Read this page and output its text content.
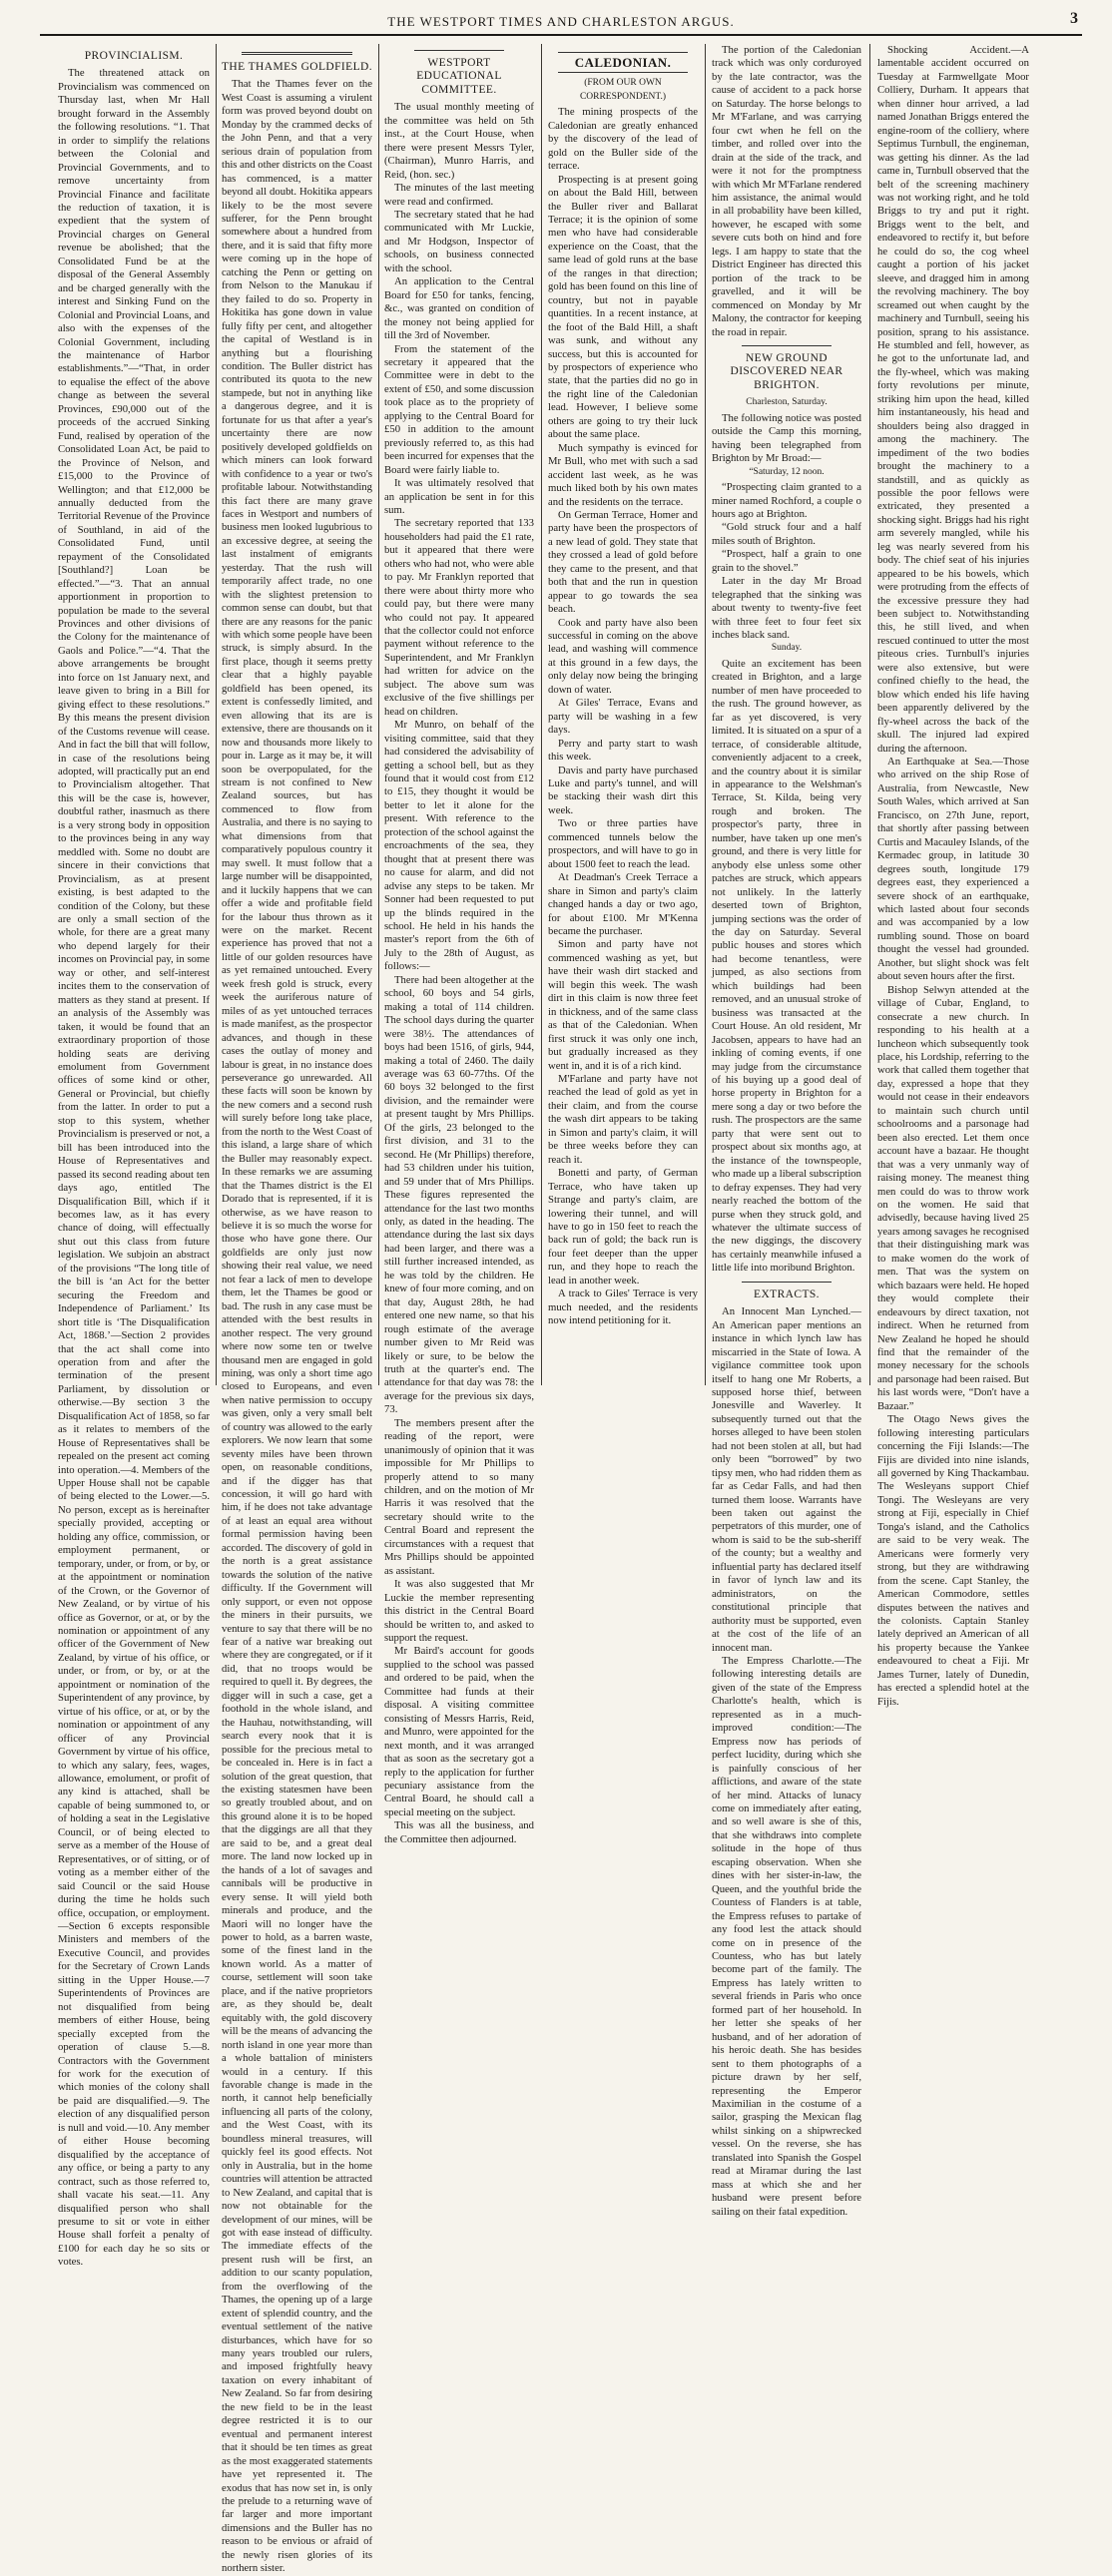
THE WESTPORT TIMES AND CHARLESTON ARGUS.	3
PROVINCIALISM.

The threatened attack on Provincialism was commenced on Thursday last, when Mr Hall brought forward in the Assembly the following resolutions. “1. That in order to simplify the relations between the Colonial and Provincial Governments, and to remove uncertainty from Provincial Finance and facilitate the reduction of taxation, it is expedient that the system of Provincial charges on General revenue be abolished; that the Consolidated Fund be at the disposal of the General Assembly and be charged generally with the interest and Sinking Fund on the Colonial and Provincial Loans, and also with the expenses of the Colonial Government, including the maintenance of Harbor establishments.”—“That, in order to equalise the effect of the above change as between the several Provinces, £90,000 out of the proceeds of the accrued Sinking Fund, realised by operation of the Consolidated Loan Act, be paid to the Province of Nelson, and £15,000 to the Province of Wellington; and that £12,000 be annually deducted from the Territorial Revenue of the Province of Southland, in aid of the Consolidated Fund, until repayment of the Consolidated [Southland?] Loan be effected.”—“3. That an annual apportionment in proportion to population be made to the several Provinces and other divisions of the Colony for the maintenance of Gaols and Police.”—“4. That the above arrangements be brought into force on 1st January next, and leave given to bring in a Bill for giving effect to these resolutions.” By this means the present division of the Customs revenue will cease. And in fact the bill that will follow, in case of the resolutions being adopted, will practically put an end to Provincialism altogether. That this will be the case is, however, doubtful rather, inasmuch as there is a very strong body in opposition to the provinces being in any way meddled with. Some no doubt are sincere in their convictions that Provincialism, as at present existing, is best adapted to the condition of the Colony, but these are only a small section of the whole, for there are a great many who depend largely for their incomes on Provincial pay, in some way or other, and self-interest incites them to the conservation of matters as they stand at present. If an analysis of the Assembly was taken, it would be found that an extraordinary proportion of those holding seats are deriving emolument from Government offices of some kind or other, General or Provincial, but chiefly from the latter. In order to put a stop to this system, whether Provincialism is preserved or not, a bill has been introduced into the House of Representatives and passed its second reading about ten days ago, entitled The Disqualification Bill, which if it becomes law, as it has every chance of doing, will effectually shut out this class from future legislation. We subjoin an abstract of the provisions “The long title of the bill is ‘an Act for the better securing the Freedom and Independence of Parliament.’ Its short title is ‘The Disqualification Act, 1868.’—Section 2 provides that the act shall come into operation from and after the termination of the present Parliament, by dissolution or otherwise.—By section 3 the Disqualification Act of 1858, so far as it relates to members of the House of Representatives shall be repealed on the present act coming into operation.—4. Members of the Upper House shall not be capable of being elected to the Lower.—5. No person, except as is hereinafter specially provided, accepting or holding any office, commission, or employment permanent, or temporary, under, or from, or by, or at the appointment or nomination of the Crown, or the Governor of New Zealand, or by virtue of his office as Governor, or at, or by the nomination or appointment of any officer of the Government of New Zealand, by virtue of his office, or under, or from, or by, or at the appointment or nomination of the Superintendent of any province, by virtue of his office, or at, or by the nomination or appointment of any officer of any Provincial Government by virtue of his office, to which any salary, fees, wages, allowance, emolument, or profit of any kind is attached, shall be capable of being summoned to, or of holding a seat in the Legislative Council, or of being elected to serve as a member of the House of Representatives, or of sitting, or of voting as a member either of the said Council or the said House during the time he holds such office, occupation, or employment.—Section 6 excepts responsible Ministers and members of the Executive Council, and provides for the Secretary of Crown Lands sitting in the Upper House.—7 Superintendents of Provinces are not disqualified from being members of either House, being specially excepted from the operation of clause 5.—8. Contractors with the Government for work for the execution of which monies of the colony shall be paid are disqualified.—9. The election of any disqualified person is null and void.—10. Any member of either House becoming disqualified by the acceptance of any office, or being a party to any contract, such as those referred to, shall vacate his seat.—11. Any disqualified person who shall presume to sit or vote in either House shall forfeit a penalty of £100 for each day he so sits or votes.

THE THAMES GOLDFIELD.

That the Thames fever on the West Coast is assuming a virulent form was proved beyond doubt on Monday by the crammed decks of the John Penn, and that a very serious drain of population from this and other districts on the Coast has commenced, is a matter beyond all doubt. Hokitika appears likely to be the most severe sufferer, for the Penn brought somewhere about a hundred from there, and it is said that fifty more were coming up in the hope of catching the Penn or getting on from Nelson to the Manukau if they failed to do so. Property in Hokitika has gone down in value fully fifty per cent, and altogether the capital of Westland is in anything but a flourishing condition. The Buller district has contributed its quota to the new stampede, but not in anything like a dangerous degree, and it is fortunate for us that after a year's uncertainty there are now positively developed goldfields on which miners can look forward with confidence to a year or two's profitable labour. Notwithstanding this fact there are many grave faces in Westport and numbers of business men looked lugubrious to an excessive degree, at seeing the last instalment of emigrants yesterday. That the rush will temporarily affect trade, no one with the slightest pretension to common sense can doubt, but that there are any reasons for the panic with which some people have been struck, is simply absurd. In the first place, though it seems pretty clear that a highly payable goldfield has been opened, its extent is confessedly limited, and even allowing that its are is extensive, there are thousands on it now and thousands more likely to pour in. Large as it may be, it will soon be overpopulated, for the stream is not confined to New Zealand sources, but has commenced to flow from Australia, and there is no saying to what dimensions from that comparatively populous country it may swell. It must follow that a large number will be disappointed, and it luckily happens that we can offer a wide and profitable field for the labour thus thrown as it were on the market. Recent experience has proved that not a little of our golden resources have as yet remained untouched. Every week fresh gold is struck, every week the auriferous nature of miles of as yet untouched terraces is made manifest, as the prospector advances, and though in these cases the outlay of money and labour is great, in no instance does perseverance go unrewarded. All these facts will soon be known by the new comers and a second rush will surely before long take place, from the north to the West Coast of this island, a large share of which the Buller may reasonably expect. In these remarks we are assuming that the Thames district is the El Dorado that is represented, if it is otherwise, as we have reason to believe it is so much the worse for those who have gone there. Our goldfields are only just now showing their real value, we need not fear a lack of men to develope them, let the Thames be good or bad. The rush in any case must be attended with the best results in another respect. The very ground where now some ten or twelve thousand men are engaged in gold mining, was only a short time ago closed to Europeans, and even when native permission to occupy was given, only a very small belt of country was allowed to the early explorers. We now learn that some seventy miles have been thrown open, on reasonable conditions, and if the digger has that concession, it will go hard with him, if he does not take advantage of at least an equal area without formal permission having been accorded. The discovery of gold in the north is a great assistance towards the solution of the native difficulty. If the Government will only support, or even not oppose the miners in their pursuits, we venture to say that there will be no fear of a native war breaking out where they are congregated, or if it did, that no troops would be required to quell it. By degrees, the digger will in such a case, get a foothold in the whole island, and the Hauhau, notwithstanding, will search every nook that it is possible for the precious metal to be concealed in. Here is in fact a solution of the great question, that the existing statesmen have been so greatly troubled about, and on this ground alone it is to be hoped that the diggings are all that they are said to be, and a great deal more. The land now locked up in the hands of a lot of savages and cannibals will be productive in every sense. It will yield both minerals and produce, and the Maori will no longer have the power to hold, as a barren waste, some of the finest land in the known world. As a matter of course, settlement will soon take place, and if the native proprietors are, as they should be, dealt equitably with, the gold discovery will be the means of advancing the north island in one year more than a whole battalion of ministers would in a century. If this favorable change is made in the north, it cannot help beneficially influencing all parts of the colony, and the West Coast, with its boundless mineral treasures, will quickly feel its good effects. Not only in Australia, but in the home countries will attention be attracted to New Zealand, and capital that is now not obtainable for the development of our mines, will be got with ease instead of difficulty. The immediate effects of the present rush will be first, an addition to our scanty population, from the overflowing of the Thames, the opening up of a large extent of splendid country, and the eventual settlement of the native disturbances, which have for so many years troubled our rulers, and imposed frightfully heavy taxation on every inhabitant of New Zealand. So far from desiring the new field to be in the least degree restricted it is to our eventual and permanent interest that it should be ten times as great as the most exaggerated statements have yet represented it. The exodus that has now set in, is only the prelude to a returning wave of far larger and more important dimensions and the Buller has no reason to be envious or afraid of the newly risen glories of its northern sister.

WESTPORT EDUCATIONAL COMMITTEE.

The usual monthly meeting of the committee was held on 5th inst., at the Court House, when there were present Messrs Tyler, (Chairman), Munro Harris, and Reid, (hon. sec.)

The minutes of the last meeting were read and confirmed.

The secretary stated that he had communicated with Mr Luckie, and Mr Hodgson, Inspector of schools, on business connected with the school.

An application to the Central Board for £50 for tanks, fencing, &c., was granted on condition of the money not being applied for till the 3rd of November.

From the statement of the secretary it appeared that the Committee were in debt to the extent of £50, and some discussion took place as to the propriety of applying to the Central Board for £50 in addition to the amount previously referred to, as this had been incurred for expenses that the Board were fairly liable to.

It was ultimately resolved that an application be sent in for this sum.

The secretary reported that 133 householders had paid the £1 rate, but it appeared that there were others who had not, who were able to pay. Mr Franklyn reported that there were about thirty more who could pay, but there were many who could not pay. It appeared that the collector could not enforce payment without reference to the Superintendent, and Mr Franklyn had written for advice on the subject. The above sum was exclusive of the five shillings per head on children.

Mr Munro, on behalf of the visiting committee, said that they had considered the advisability of getting a school bell, but as they found that it would cost from £12 to £15, they thought it would be better to let it alone for the present. With reference to the protection of the school against the encroachments of the sea, they thought that at present there was no cause for alarm, and did not advise any steps to be taken. Mr Sonner had been requested to put up the blinds required in the school. He held in his hands the master's report from the 6th of July to the 28th of August, as follows:—

There had been altogether at the school, 60 boys and 54 girls, making a total of 114 children. The school days during the quarter were 38½. The attendances of boys had been 1516, of girls, 944, making a total of 2460. The daily average was 63 60-77ths. Of the 60 boys 32 belonged to the first division, and the remainder were at present taught by Mrs Phillips. Of the girls, 23 belonged to the first division, and 31 to the second. He (Mr Phillips) therefore, had 53 children under his tuition, and 59 under that of Mrs Phillips. These figures represented the attendance for the last two months only, as dated in the heading. The attendance during the last six days had been larger, and there was a still further increased intended, as he was told by the children. He knew of four more coming, and on that day, August 28th, he had entered one new name, so that his rough estimate of the average number given to Mr Reid was likely or sure, to be below the truth at the quarter's end. The attendance for that day was 78: the average for the previous six days, 73.

The members present after the reading of the report, were unanimously of opinion that it was impossible for Mr Phillips to properly attend to so many children, and on the motion of Mr Harris it was resolved that the secretary should write to the Central Board and represent the circumstances with a request that Mrs Phillips should be appointed as assistant.

It was also suggested that Mr Luckie the member representing this district in the Central Board should be written to, and asked to support the request.

Mr Baird's account for goods supplied to the school was passed and ordered to be paid, when the Committee had funds at their disposal. A visiting committee consisting of Messrs Harris, Reid, and Munro, were appointed for the next month, and it was arranged that as soon as the secretary got a reply to the application for further pecuniary assistance from the Central Board, he should call a special meeting on the subject.

This was all the business, and the Committee then adjourned.

CALEDONIAN.
(FROM OUR OWN CORRESPONDENT.)

The mining prospects of the Caledonian are greatly enhanced by the discovery of the lead of gold on the Buller side of the terrace.

Prospecting is at present going on about the Bald Hill, between the Buller river and Ballarat Terrace; it is the opinion of some men who have had considerable experience on the Coast, that the same lead of gold runs at the base of the ranges in that direction; gold has been found on this line of country, but not in payable quantities. In a recent instance, at the foot of the Bald Hill, a shaft was sunk, and without any success, but this is accounted for by prospectors of experience who state, that the parties did no go in the right line of the Caledonian lead. However, I believe some others are going to try their luck about the same place.

Much sympathy is evinced for Mr Bull, who met with such a sad accident last week, as he was much liked both by his own mates and the residents on the terrace.

On German Terrace, Homer and party have been the prospectors of a new lead of gold. They state that they crossed a lead of gold before they came to the present, and that both that and the run in question appear to go towards the sea beach.

Cook and party have also been successful in coming on the above lead, and washing will commence at this ground in a few days, the only delay now being the bringing down of water.

At Giles' Terrace, Evans and party will be washing in a few days.

Perry and party start to wash this week.

Davis and party have purchased Luke and party's tunnel, and will be stacking their wash dirt this week.

Two or three parties have commenced tunnels below the prospectors, and will have to go in about 1500 feet to reach the lead.

At Deadman's Creek Terrace a share in Simon and party's claim changed hands a day or two ago, for about £100. Mr M'Kenna became the purchaser.

Simon and party have not commenced washing as yet, but have their wash dirt stacked and will begin this week. The wash dirt in this claim is now three feet in thickness, and of the same class as that of the Caledonian. When first struck it was only one inch, but gradually increased as they went in, and it is of a rich kind.

M'Farlane and party have not reached the lead of gold as yet in their claim, and from the course the wash dirt appears to be taking in Simon and party's claim, it will be three weeks before they can reach it.

Bonetti and party, of German Terrace, who have taken up Strange and party's claim, are lowering their tunnel, and will have to go in 150 feet to reach the back run of gold; the back run is four feet deeper than the upper run, and they hope to reach the lead in another week.

A track to Giles' Terrace is very much needed, and the residents now intend petitioning for it.

The portion of the Caledonian track which was only corduroyed by the late contractor, was the cause of accident to a pack horse on Saturday. The horse belongs to Mr M'Farlane, and was carrying four cwt when he fell on the timber, and rolled over into the drain at the side of the track, and were it not for the promptness with which Mr M'Farlane rendered him assistance, the animal would in all probability have been killed, however, he escaped with some severe cuts both on hind and fore legs. I am happy to state that the District Engineer has directed this portion of the track to be gravelled, and it will be commenced on Monday by Mr Malony, the contractor for keeping the road in repair.

NEW GROUND DISCOVERED NEAR BRIGHTON.
Charleston, Saturday.

The following notice was posted outside the Camp this morning, having been telegraphed from Brighton by Mr Broad:—

“Saturday, 12 noon.

“Prospecting claim granted to a miner named Rochford, a couple o hours ago at Brighton.

“Gold struck four and a half miles south of Brighton.

“Prospect, half a grain to one grain to the shovel.”

Later in the day Mr Broad telegraphed that the sinking was about twenty to twenty-five feet with three feet to four feet six inches black sand.

Sunday.

Quite an excitement has been created in Brighton, and a large number of men have proceeded to the rush. The ground however, as far as yet discovered, is very limited. It is situated on a spur of a terrace, of considerable altitude, conveniently adjacent to a creek, and the country about it is similar in appearance to the Welshman's Terrace, St. Kilda, being very rough and broken. The prospector's party, three in number, have taken up one men's ground, and there is very little for anybody else unless some other patches are struck, which appears not unlikely. In the latterly deserted town of Brighton, jumping sections was the order of the day on Saturday. Several public houses and stores which had become tenantless, were jumped, as also sections from which buildings had been removed, and an unusual stroke of business was transacted at the Court House. An old resident, Mr Jacobsen, appears to have had an inkling of coming events, if one may judge from the circumstance of his buying up a good deal of horse property in Brighton for a mere song a day or two before the rush. The prospectors are the same party that were sent out to prospect about six months ago, at the instance of the townspeople, who made up a liberal subscription to defray expenses. They had very nearly reached the bottom of the purse when they struck gold, and whatever the ultimate success of the new diggings, the discovery has certainly meanwhile infused a little life into moribund Brighton.

EXTRACTS.

An Innocent Man Lynched.—An American paper mentions an instance in which lynch law has miscarried in the State of Iowa. A vigilance committee took upon itself to hang one Mr Roberts, a supposed horse thief, between Jonesville and Waverley. It subsequently turned out that the horses alleged to have been stolen had not been stolen at all, but had only been “borrowed” by two tipsy men, who had ridden them as far as Cedar Falls, and had then turned them loose. Warrants have been taken out against the perpetrators of this murder, one of whom is said to be the sub-sheriff of the county; but a wealthy and influential party has declared itself in favor of lynch law and its administrators, on the constitutional principle that authority must be supported, even at the cost of the life of an innocent man.

The Empress Charlotte.—The following interesting details are given of the state of the Empress Charlotte's health, which is represented as in a much-improved condition:—The Empress now has periods of perfect lucidity, during which she is painfully conscious of her afflictions, and aware of the state of her mind. Attacks of lunacy come on immediately after eating, and so well aware is she of this, that she withdraws into complete solitude in the hope of thus escaping observation. When she dines with her sister-in-law, the Queen, and the youthful bride the Countess of Flanders is at table, the Empress refuses to partake of any food lest the attack should come on in presence of the Countess, who has but lately become part of the family. The Empress has lately written to several friends in Paris who once formed part of her household. In her letter she speaks of her husband, and of her adoration of his heroic death. She has besides sent to them photographs of a picture drawn by her self, representing the Emperor Maximilian in the costume of a sailor, grasping the Mexican flag whilst sinking on a shipwrecked vessel. On the reverse, she has translated into Spanish the Gospel read at Miramar during the last mass at which she and her husband were present before sailing on their fatal expedition.

Shocking Accident.—A lamentable accident occurred on Tuesday at Farmwellgate Moor Colliery, Durham. It appears that when dinner hour arrived, a lad named Jonathan Briggs entered the engine-room of the colliery, where Septimus Turnbull, the engineman, was getting his dinner. As the lad came in, Turnbull observed that the belt of the screening machinery was not working right, and he told Briggs to try and put it right. Briggs went to the belt, and endeavored to rectify it, but before he could do so, the cog wheel caught a portion of his jacket sleeve, and dragged him in among the revolving machinery. The boy screamed out when caught by the machinery and Turnbull, seeing his position, sprang to his assistance. He stumbled and fell, however, as he got to the unfortunate lad, and the fly-wheel, which was making forty revolutions per minute, striking him upon the head, killed him instantaneously, his head and shoulders being also dragged in among the machinery. The impediment of the two bodies brought the machinery to a standstill, and as quickly as possible the poor fellows were extricated, they presented a shocking sight. Briggs had his right arm severely mangled, while his leg was nearly severed from his body. The chief seat of his injuries appeared to be his bowels, which were protruding from the effects of the excessive pressure they had been subject to. Notwithstanding this, he still lived, and when rescued continued to utter the most piteous cries. Turnbull's injuries were also extensive, but were confined chiefly to the head, the blow which ended his life having been apparently delivered by the fly-wheel across the back of the skull. The injured lad expired during the afternoon.

An Earthquake at Sea.—Those who arrived on the ship Rose of Australia, from Newcastle, New South Wales, which arrived at San Francisco, on 27th June, report, that shortly after passing between Curtis and Macauley Islands, of the Kermadec group, in latitude 30 degrees south, longitude 179 degrees east, they experienced a severe shock of an earthquake, which lasted about four seconds and was accompanied by a low rumbling sound. Those on board thought the vessel had grounded. Another, but slight shock was felt about seven hours after the first.

Bishop Selwyn attended at the village of Cubar, England, to consecrate a new church. In responding to his health at a luncheon which subsequently took place, his Lordship, referring to the work that called them together that day, expressed a hope that they would not cease in their endeavors to maintain such church until schoolrooms and a parsonage had been also erected. Let them once account have a bazaar. He thought that was a very unmanly way of raising money. The meanest thing men could do was to throw work on the women. He said that advisedly, because having lived 25 years among savages he recognised that their distinguishing mark was to make women do the work of men. That was the system on which bazaars were held. He hoped they would complete their endeavours by direct taxation, not indirect. When he returned from New Zealand he hoped he should find that the remainder of the money necessary for the schools and parsonage had been raised. But his last words were, “Don't have a Bazaar.”

The Otago News gives the following interesting particulars concerning the Fiji Islands:—The Fijis are divided into nine islands, all governed by King Thackambau. The Wesleyans support Chief Tongi. The Wesleyans are very strong at Fiji, especially in Chief Tonga's island, and the Catholics are said to be very weak. The Americans were formerly very strong, but they are withdrawing from the scene. Capt Stanley, the American Commodore, settles disputes between the natives and the colonists. Captain Stanley lately deprived an American of all his property because the Yankee endeavoured to cheat a Fiji. Mr James Turner, lately of Dunedin, has erected a splendid hotel at the Fijis.
